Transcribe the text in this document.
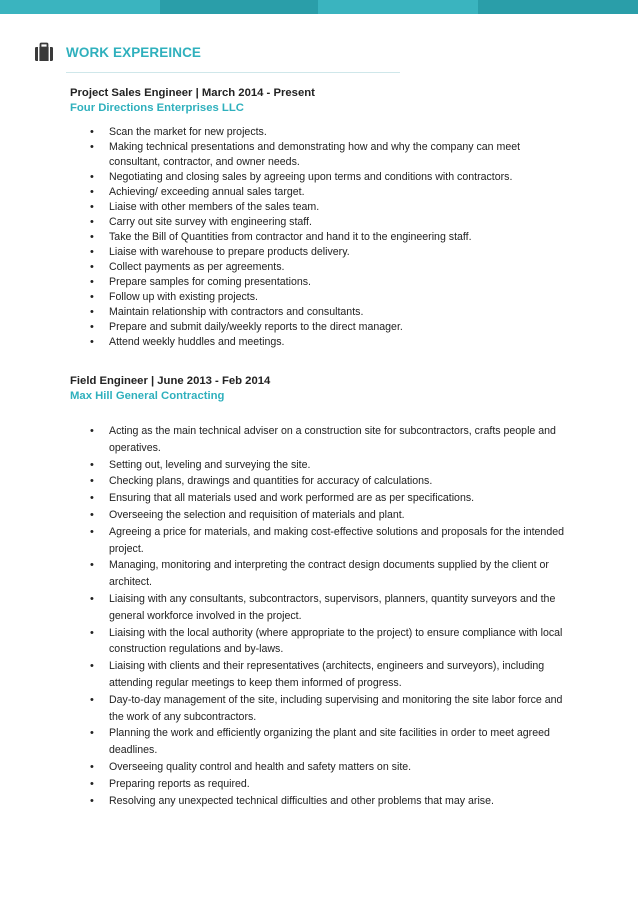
WORK EXPEREINCE
Project Sales Engineer | March 2014 - Present
Four Directions Enterprises LLC
• Scan the market for new projects.
• Making technical presentations and demonstrating how and why the company can meet consultant, contractor, and owner needs.
• Negotiating and closing sales by agreeing upon terms and conditions with contractors.
• Achieving/ exceeding annual sales target.
• Liaise with other members of the sales team.
• Carry out site survey with engineering staff.
• Take the Bill of Quantities from contractor and hand it to the engineering staff.
• Liaise with warehouse to prepare products delivery.
• Collect payments as per agreements.
• Prepare samples for coming presentations.
• Follow up with existing projects.
• Maintain relationship with contractors and consultants.
• Prepare and submit daily/weekly reports to the direct manager.
• Attend weekly huddles and meetings.
Field Engineer | June 2013 - Feb 2014
Max Hill General Contracting
• Acting as the main technical adviser on a construction site for subcontractors, crafts people and operatives.
• Setting out, leveling and surveying the site.
• Checking plans, drawings and quantities for accuracy of calculations.
• Ensuring that all materials used and work performed are as per specifications.
• Overseeing the selection and requisition of materials and plant.
• Agreeing a price for materials, and making cost-effective solutions and proposals for the intended project.
• Managing, monitoring and interpreting the contract design documents supplied by the client or architect.
• Liaising with any consultants, subcontractors, supervisors, planners, quantity surveyors and the general workforce involved in the project.
• Liaising with the local authority (where appropriate to the project) to ensure compliance with local construction regulations and by-laws.
• Liaising with clients and their representatives (architects, engineers and surveyors), including attending regular meetings to keep them informed of progress.
• Day-to-day management of the site, including supervising and monitoring the site labor force and the work of any subcontractors.
• Planning the work and efficiently organizing the plant and site facilities in order to meet agreed deadlines.
• Overseeing quality control and health and safety matters on site.
• Preparing reports as required.
• Resolving any unexpected technical difficulties and other problems that may arise.
